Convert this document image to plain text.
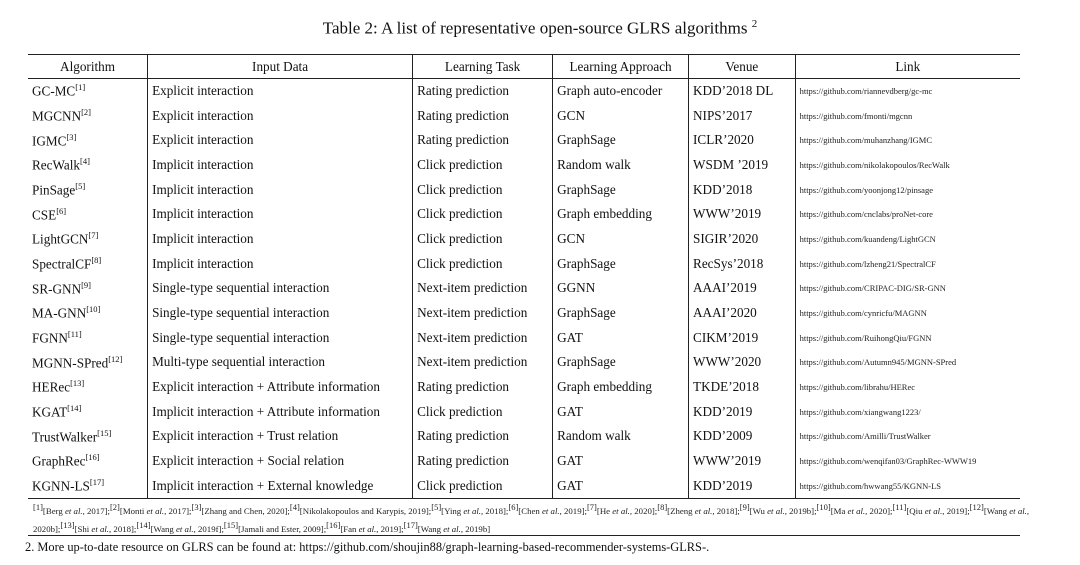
Table 2: A list of representative open-source GLRS algorithms $^2$
Algorithm	Input Data	Learning Task	Learning Approach	Venue	Link
GC-MC[1]	Explicit interaction	Rating prediction	Graph auto-encoder	KDD’2018 DL	https://github.com/riannevdberg/gc-mc
MGCNN[2]	Explicit interaction	Rating prediction	GCN	NIPS’2017	https://github.com/fmonti/mgcnn
IGMC[3]	Explicit interaction	Rating prediction	GraphSage	ICLR’2020	https://github.com/muhanzhang/IGMC
RecWalk[4]	Implicit interaction	Click prediction	Random walk	WSDM ’2019	https://github.com/nikolakopoulos/RecWalk
PinSage[5]	Implicit interaction	Click prediction	GraphSage	KDD’2018	https://github.com/yoonjong12/pinsage
CSE[6]	Implicit interaction	Click prediction	Graph embedding	WWW’2019	https://github.com/cnclabs/proNet-core
LightGCN[7]	Implicit interaction	Click prediction	GCN	SIGIR’2020	https://github.com/kuandeng/LightGCN
SpectralCF[8]	Implicit interaction	Click prediction	GraphSage	RecSys’2018	https://github.com/lzheng21/SpectralCF
SR-GNN[9]	Single-type sequential interaction	Next-item prediction	GGNN	AAAI’2019	https://github.com/CRIPAC-DIG/SR-GNN
MA-GNN[10]	Single-type sequential interaction	Next-item prediction	GraphSage	AAAI’2020	https://github.com/cynricfu/MAGNN
FGNN[11]	Single-type sequential interaction	Next-item prediction	GAT	CIKM’2019	https://github.com/RuihongQiu/FGNN
MGNN-SPred[12]	Multi-type sequential interaction	Next-item prediction	GraphSage	WWW’2020	https://github.com/Autumn945/MGNN-SPred
HERec[13]	Explicit interaction + Attribute information	Rating prediction	Graph embedding	TKDE’2018	https://github.com/librahu/HERec
KGAT[14]	Implicit interaction + Attribute information	Click prediction	GAT	KDD’2019	https://github.com/xiangwang1223/
TrustWalker[15]	Explicit interaction + Trust relation	Rating prediction	Random walk	KDD’2009	https://github.com/Amilli/TrustWalker
GraphRec[16]	Explicit interaction + Social relation	Rating prediction	GAT	WWW’2019	https://github.com/wenqifan03/GraphRec-WWW19
KGNN-LS[17]	Implicit interaction + External knowledge	Click prediction	GAT	KDD’2019	https://github.com/hwwang55/KGNN-LS
[1][Berg et al., 2017];[2][Monti et al., 2017];[3][Zhang and Chen, 2020];[4][Nikolakopoulos and Karypis, 2019];[5][Ying et al., 2018];[6][Chen et al., 2019];[7][He et al., 2020];[8][Zheng et al., 2018];[9][Wu et al., 2019b];[10][Ma et al., 2020];[11][Qiu et al., 2019];[12][Wang et al., 2020b];[13][Shi et al., 2018];[14][Wang et al., 2019f];[15][Jamali and Ester, 2009];[16][Fan et al., 2019];[17][Wang et al., 2019b]
2. More up-to-date resource on GLRS can be found at: https://github.com/shoujin88/graph-learning-based-recommender-systems-GLRS-.
